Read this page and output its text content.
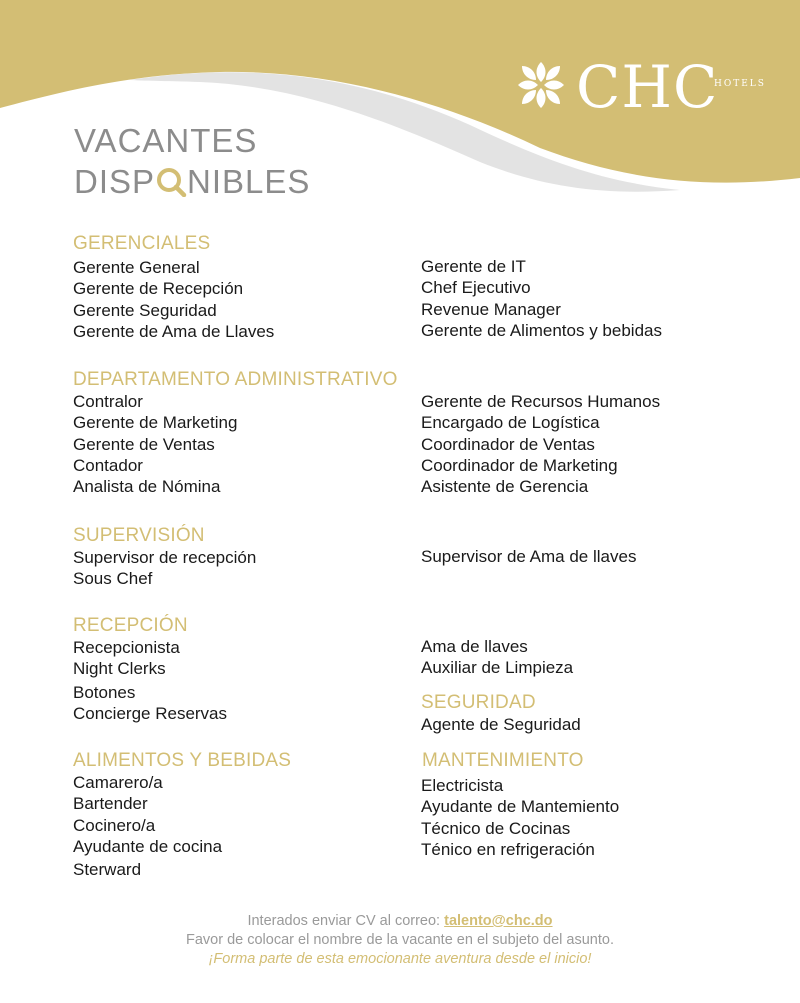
CHC
HOTELS
VACANTES
DISP NIBLES
GERENCIALES
Gerente General
Gerente de Recepción
Gerente Seguridad
Gerente de Ama de Llaves
Gerente de IT
Chef Ejecutivo
Revenue Manager
Gerente de Alimentos y bebidas
DEPARTAMENTO ADMINISTRATIVO
Contralor
Gerente de Marketing
Gerente de Ventas
Contador
Analista de Nómina
Gerente de Recursos Humanos
Encargado de Logística
Coordinador de Ventas
Coordinador de Marketing
Asistente de Gerencia
SUPERVISIÓN
Supervisor de recepción
Sous Chef
Supervisor de Ama de llaves
RECEPCIÓN
Recepcionista
Night Clerks
Botones
Concierge Reservas
Ama de llaves
Auxiliar de Limpieza
SEGURIDAD
Agente de Seguridad
ALIMENTOS Y BEBIDAS
Camarero/a
Bartender
Cocinero/a
Ayudante de cocina
Sterward
MANTENIMIENTO
Electricista
Ayudante de Mantemiento
Técnico de Cocinas
Ténico en refrigeración
Interados enviar CV al correo: talento@chc.do
Favor de colocar el nombre de la vacante en el subjeto del asunto.
¡Forma parte de esta emocionante aventura desde el inicio!
